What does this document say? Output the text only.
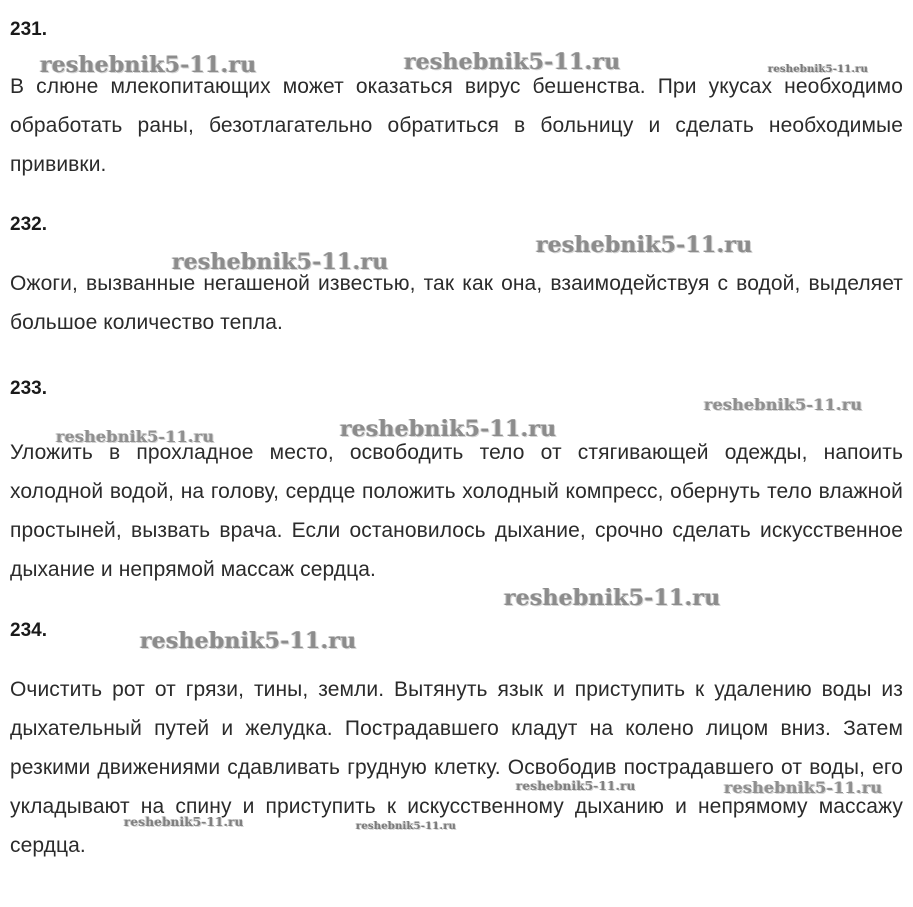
231.

В слюне млекопитающих может оказаться вирус бешенства. При укусах необходимо обработать раны, безотлагательно обратиться в больницу и сделать необходимые прививки.

232.

Ожоги, вызванные негашеной известью, так как она, взаимодействуя с водой, выделяет большое количество тепла.

233.

Уложить в прохладное место, освободить тело от стягивающей одежды, напоить холодной водой, на голову, сердце положить холодный компресс, обернуть тело влажной простыней, вызвать врача. Если остановилось дыхание, срочно сделать искусственное дыхание и непрямой массаж сердца.

234.

Очистить рот от грязи, тины, земли. Вытянуть язык и приступить к удалению воды из дыхательный путей и желудка. Пострадавшего кладут на колено лицом вниз. Затем резкими движениями сдавливать грудную клетку. Освободив пострадавшего от воды, его укладывают на спину и приступить к искусственному дыханию и непрямому массажу сердца.

reshebnik5-11.ru	reshebnik5-11.ru	reshebnik5-11.ru
reshebnik5-11.ru
reshebnik5-11.ru
reshebnik5-11.ru
reshebnik5-11.ru	reshebnik5-11.ru
reshebnik5-11.ru
reshebnik5-11.ru
reshebnik5-11.ru	reshebnik5-11.ru
reshebnik5-11.ru	reshebnik5-11.ru
